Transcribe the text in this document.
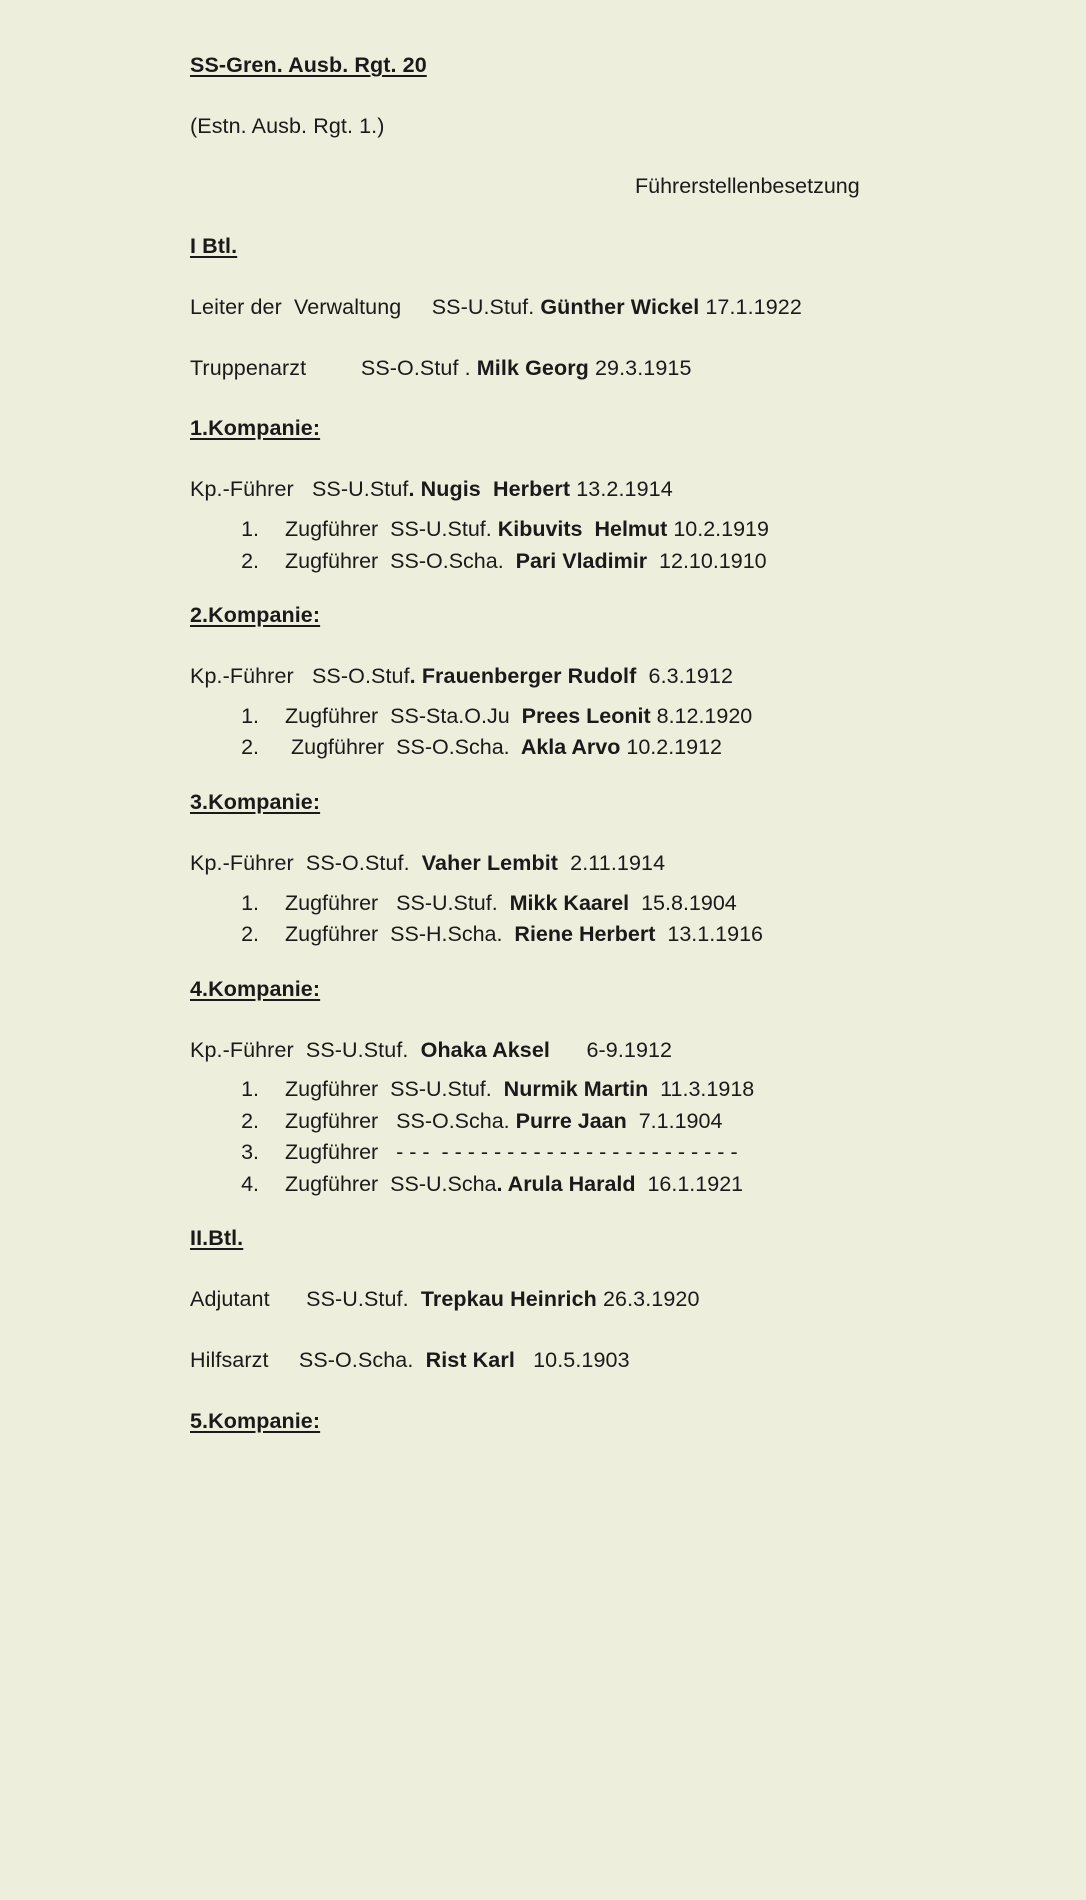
SS-Gren. Ausb. Rgt. 20

(Estn. Ausb. Rgt. 1.)

Führerstellenbesetzung

I Btl.

Leiter der  Verwaltung     SS-U.Stuf. Günther Wickel 17.1.1922

Truppenarzt         SS-O.Stuf . Milk Georg 29.3.1915

1.Kompanie:

Kp.-Führer   SS-U.Stuf. Nugis  Herbert 13.2.1914

1. Zugführer  SS-U.Stuf. Kibuvits  Helmut 10.2.1919
2. Zugführer  SS-O.Scha.  Pari Vladimir  12.10.1910

2.Kompanie:

Kp.-Führer   SS-O.Stuf. Frauenberger Rudolf  6.3.1912

1. Zugführer  SS-Sta.O.Ju  Prees Leonit 8.12.1920
2. Zugführer  SS-O.Scha.  Akla Arvo 10.2.1912

3.Kompanie:

Kp.-Führer  SS-O.Stuf.  Vaher Lembit  2.11.1914

1. Zugführer   SS-U.Stuf.  Mikk Kaarel  15.8.1904
2. Zugführer  SS-H.Scha.  Riene Herbert  13.1.1916

4.Kompanie:

Kp.-Führer  SS-U.Stuf.  Ohaka Aksel      6-9.1912

1. Zugführer  SS-U.Stuf.  Nurmik Martin  11.3.1918
2. Zugführer   SS-O.Scha. Purre Jaan  7.1.1904
3. Zugführer   - - -  - - - - - - - - - - - - - - - - - - - - - - -
4. Zugführer  SS-U.Scha. Arula Harald  16.1.1921

II.Btl.

Adjutant      SS-U.Stuf.  Trepkau Heinrich 26.3.1920

Hilfsarzt     SS-O.Scha.  Rist Karl   10.5.1903

5.Kompanie:
